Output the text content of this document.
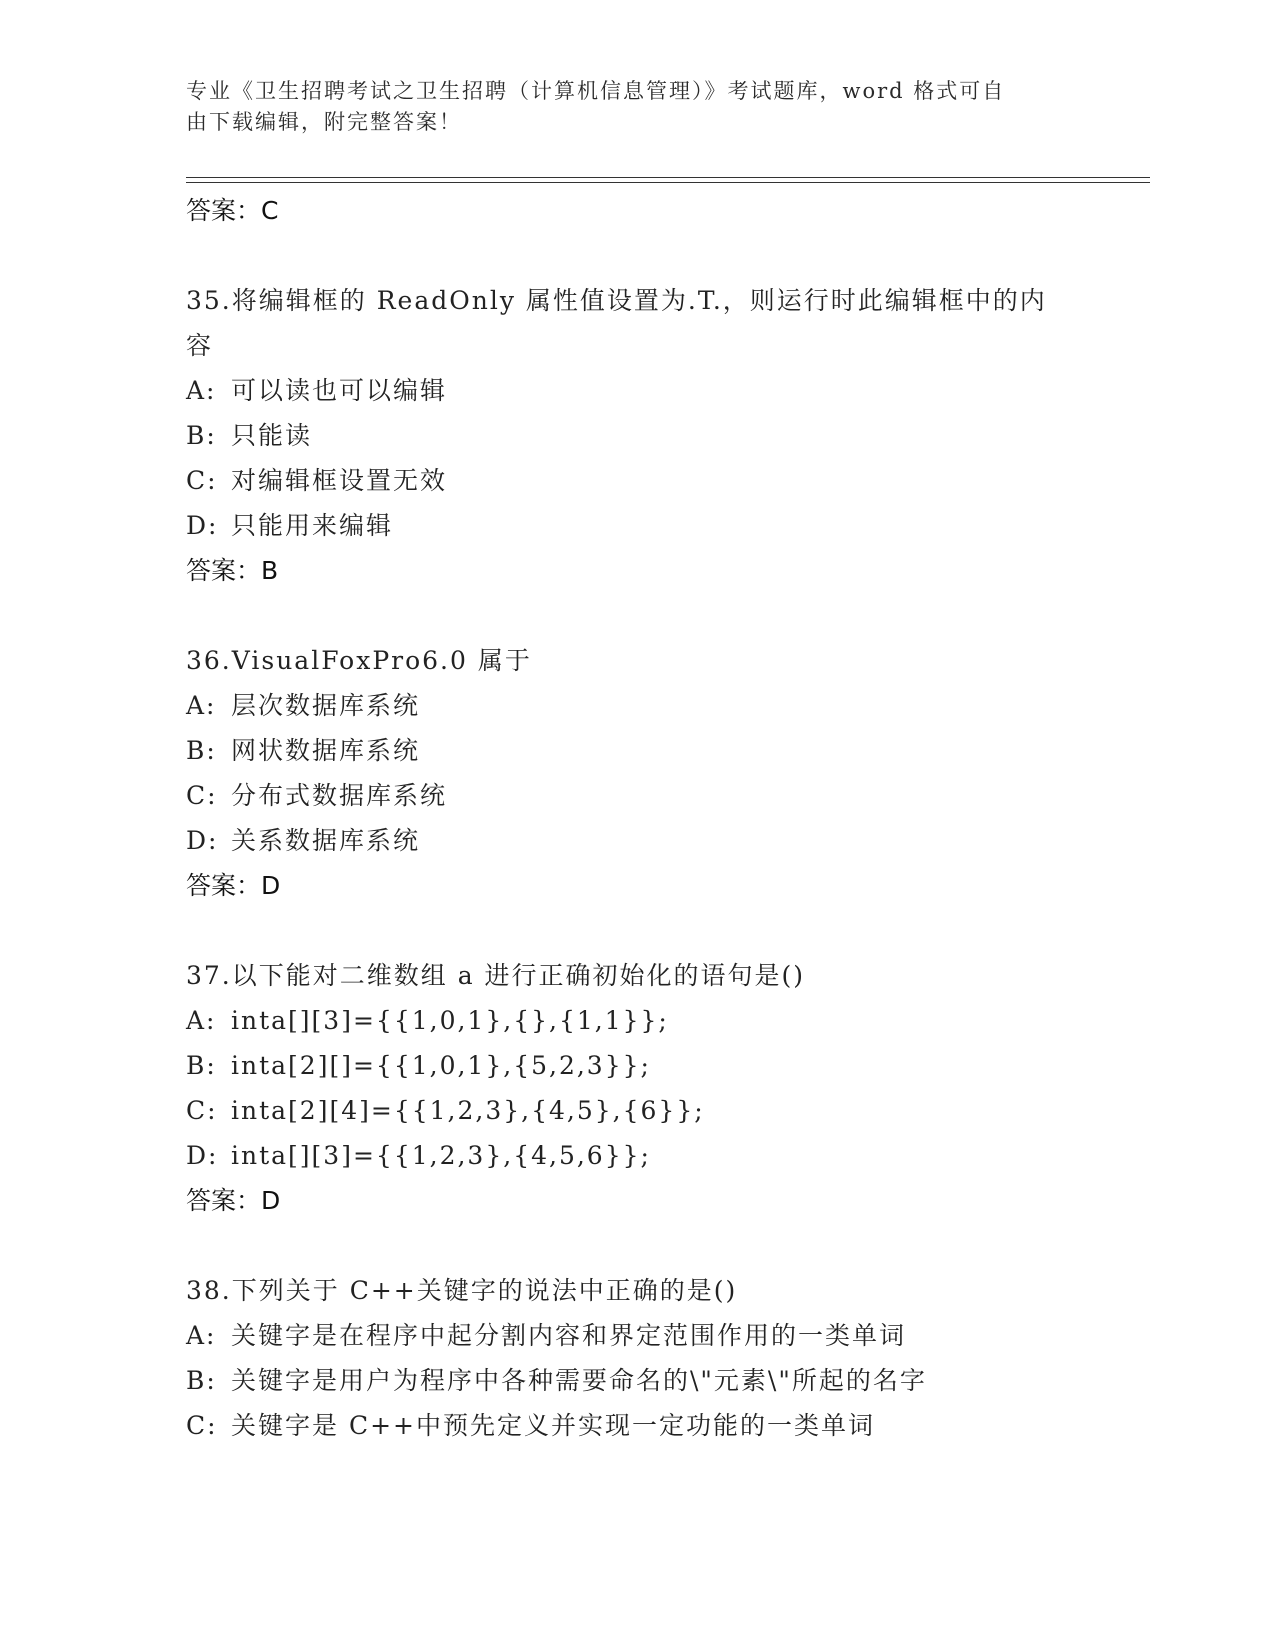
专业《卫生招聘考试之卫生招聘（计算机信息管理）》考试题库，word 格式可自
由下载编辑，附完整答案！
答案：C
35.将编辑框的 ReadOnly 属性值设置为.T.，则运行时此编辑框中的内
容
A: 可以读也可以编辑
B: 只能读
C: 对编辑框设置无效
D: 只能用来编辑
答案：B
36.VisualFoxPro6.0 属于
A: 层次数据库系统
B: 网状数据库系统
C: 分布式数据库系统
D: 关系数据库系统
答案：D
37.以下能对二维数组 a 进行正确初始化的语句是()
A: inta[][3]={{1,0,1},{},{1,1}};
B: inta[2][]={{1,0,1},{5,2,3}};
C: inta[2][4]={{1,2,3},{4,5},{6}};
D: inta[][3]={{1,2,3},{4,5,6}};
答案：D
38.下列关于 C++关键字的说法中正确的是()
A: 关键字是在程序中起分割内容和界定范围作用的一类单词
B: 关键字是用户为程序中各种需要命名的\"元素\"所起的名字
C: 关键字是 C++中预先定义并实现一定功能的一类单词
